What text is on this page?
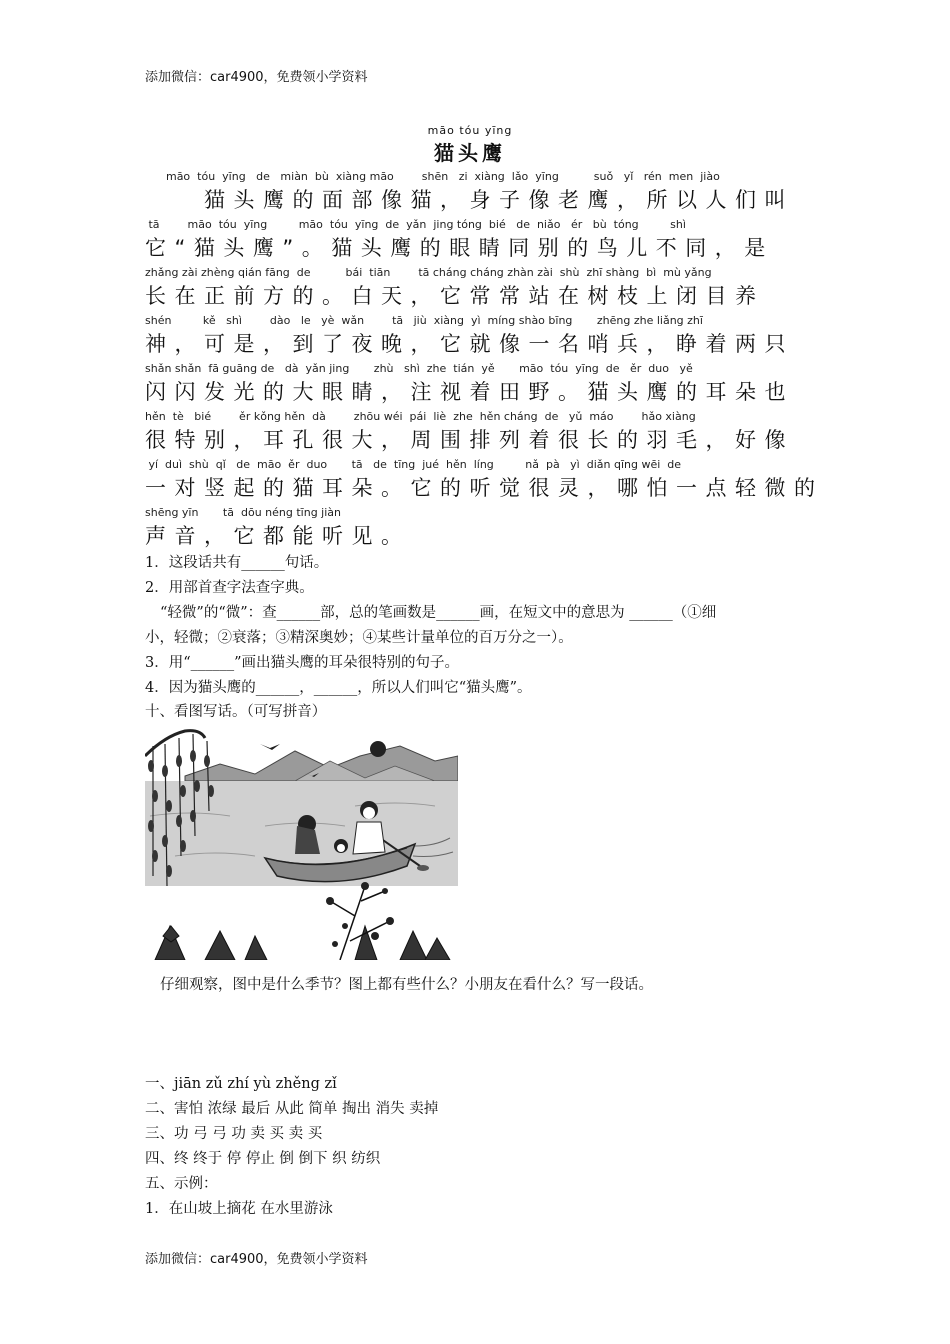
添加微信：car4900，免费领小学资料
māo tóu yīng
猫头鹰
māo  tóu  yīng   de   miàn  bù  xiàng māo        shēn   zi  xiàng  lǎo  yīng          suǒ   yǐ   rén  men  jiào
　　猫头鹰的面部像猫，身子像老鹰，所以人们叫
tā        māo  tóu  yīng         māo  tóu  yīng  de  yǎn  jing tóng  bié   de  niǎo   ér   bù  tóng         shì
它“猫头鹰”。猫头鹰的眼睛同别的鸟儿不同，是
zhǎng zài zhèng qián fāng  de          bái  tiān        tā cháng cháng zhàn zài  shù  zhī shàng  bì  mù yǎng
长在正前方的。白天，它常常站在树枝上闭目养
shén         kě   shì        dào   le   yè  wǎn        tā   jiù  xiàng  yì  míng shào bīng       zhēng zhe liǎng zhī
神，可是，到了夜晚，它就像一名哨兵，睁着两只
shǎn shǎn  fā guāng de   dà  yǎn jing       zhù   shì  zhe  tián  yě       māo  tóu  yīng  de   ěr  duo   yě
闪闪发光的大眼睛，注视着田野。猫头鹰的耳朵也
hěn  tè   bié        ěr kǒng hěn  dà        zhōu wéi  pái  liè  zhe  hěn cháng  de   yǔ  máo        hǎo xiàng
很特别，耳孔很大，周围排列着很长的羽毛，好像
yí  duì  shù  qǐ   de  māo  ěr  duo       tā   de  tīng  jué  hěn  líng         nǎ  pà   yì  diǎn qīng wēi  de
一对竖起的猫耳朵。它的听觉很灵，哪怕一点轻微的
shēng yīn       tā  dōu néng tīng jiàn
声音，它都能听见。
1．这段话共有______句话。
2．用部首查字法查字典。
“轻微”的“微”：查______部，总的笔画数是______画，在短文中的意思为 ______（①细
小，轻微；②衰落；③精深奥妙；④某些计量单位的百万分之一）。
3．用“______”画出猫头鹰的耳朵很特别的句子。
4．因为猫头鹰的______，______，所以人们叫它“猫头鹰”。
十、看图写话。（可写拼音）
仔细观察，图中是什么季节？图上都有些什么？小朋友在看什么？写一段话。
一、jiān zǔ zhí yù zhěng zǐ
二、害怕 浓绿 最后 从此 简单 掏出 消失 卖掉
三、功 弓 弓 功 卖 买 卖 买
四、终 终于 停 停止 倒 倒下 织 纺织
五、示例：
1．在山坡上摘花 在水里游泳
添加微信：car4900，免费领小学资料
